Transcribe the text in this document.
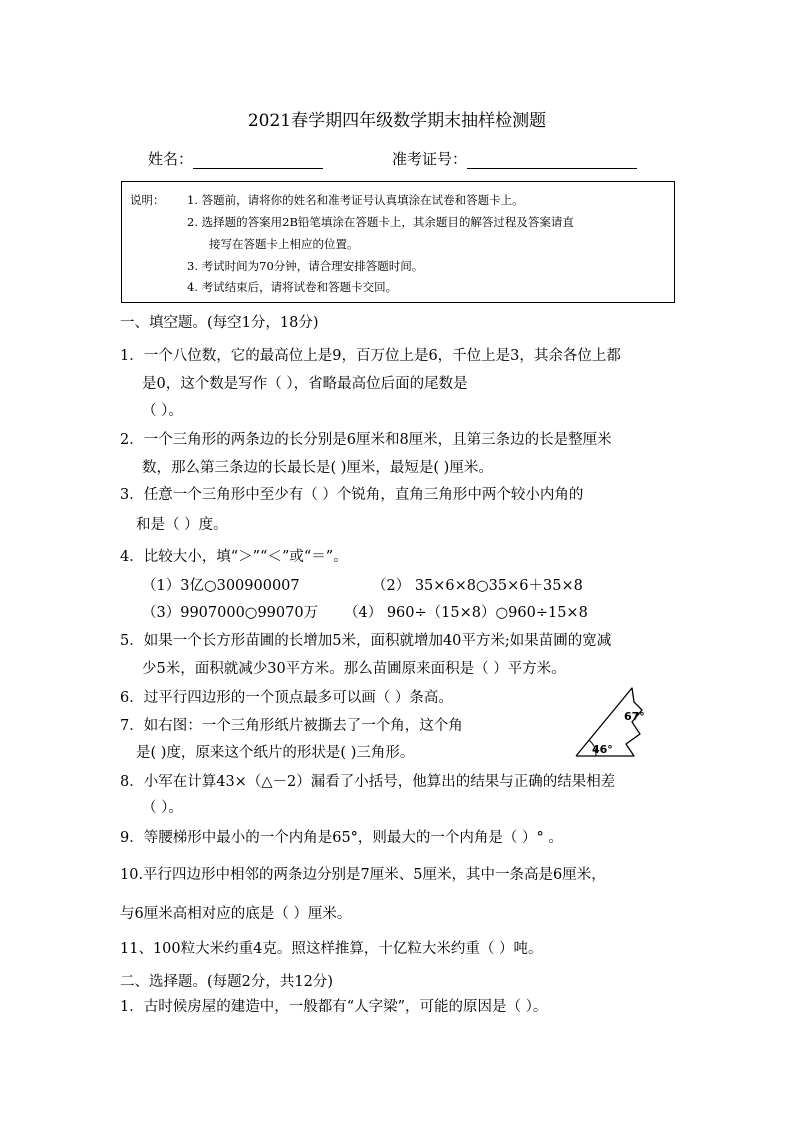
2021春学期四年级数学期末抽样检测题
姓名：	准考证号：
说明： 1. 答题前，请将你的姓名和准考证号认真填涂在试卷和答题卡上。
2. 选择题的答案用2B铅笔填涂在答题卡上，其余题目的解答过程及答案请直
接写在答题卡上相应的位置。
3. 考试时间为70分钟，请合理安排答题时间。
4. 考试结束后，请将试卷和答题卡交回。
一、填空题。(每空1分，18分)
1．一个八位数，它的最高位上是9，百万位上是6，千位上是3，其余各位上都
是0，这个数是写作（ ），省略最高位后面的尾数是
（ ）。
2．一个三角形的两条边的长分别是6厘米和8厘米，且第三条边的长是整厘米
数，那么第三条边的长最长是( )厘米，最短是( )厘米。
3．任意一个三角形中至少有（ ）个锐角，直角三角形中两个较小内角的
和是（ ）度。
4．比较大小，填“＞”“＜”或“＝”。
（1）3亿○300900007	（2） 35×6×8○35×6＋35×8
（3）9907000○99070万 （4） 960÷（15×8）○960÷15×8
5．如果一个长方形苗圃的长增加5米，面积就增加40平方米;如果苗圃的宽减
少5米，面积就减少30平方米。那么苗圃原来面积是（ ）平方米。
6．过平行四边形的一个顶点最多可以画（ ）条高。
7．如右图：一个三角形纸片被撕去了一个角，这个角
是( )度，原来这个纸片的形状是( )三角形。
8．小军在计算43×（△－2）漏看了小括号，他算出的结果与正确的结果相差
（ ）。
9．等腰梯形中最小的一个内角是65°，则最大的一个内角是（ ）° 。
10.平行四边形中相邻的两条边分别是7厘米、5厘米，其中一条高是6厘米，
与6厘米高相对应的底是（ ）厘米。
11、100粒大米约重4克。照这样推算，十亿粒大米约重（ ）吨。
67°
46°
二、选择题。(每题2分，共12分)
1．古时候房屋的建造中，一般都有“人字梁”，可能的原因是（ ）。
